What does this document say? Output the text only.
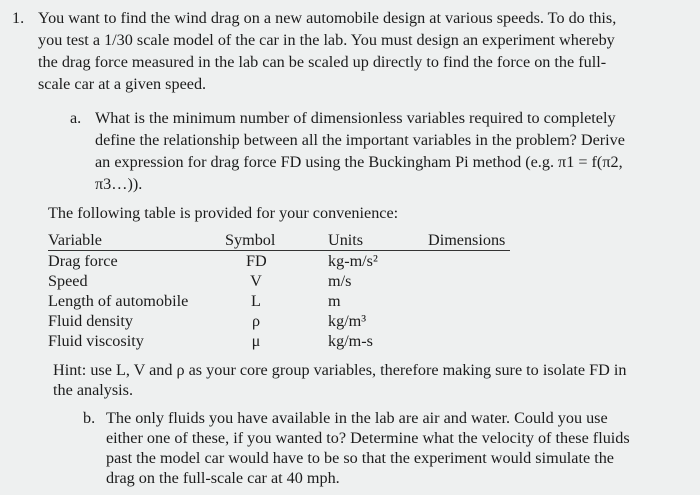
1. You want to find the wind drag on a new automobile design at various speeds. To do this,
you test a 1/30 scale model of the car in the lab. You must design an experiment whereby
the drag force measured in the lab can be scaled up directly to find the force on the full-
scale car at a given speed.
a. What is the minimum number of dimensionless variables required to completely
define the relationship between all the important variables in the problem? Derive
an expression for drag force FD using the Buckingham Pi method (e.g. π1 = f(π2,
π3…)).
The following table is provided for your convenience:
Variable	Symbol	Units	Dimensions
Drag force	FD	kg-m/s²
Speed	V	m/s
Length of automobile	L	m
Fluid density	ρ	kg/m³
Fluid viscosity	μ	kg/m-s
Hint: use L, V and ρ as your core group variables, therefore making sure to isolate FD in
the analysis.
b. The only fluids you have available in the lab are air and water. Could you use
either one of these, if you wanted to? Determine what the velocity of these fluids
past the model car would have to be so that the experiment would simulate the
drag on the full-scale car at 40 mph.
